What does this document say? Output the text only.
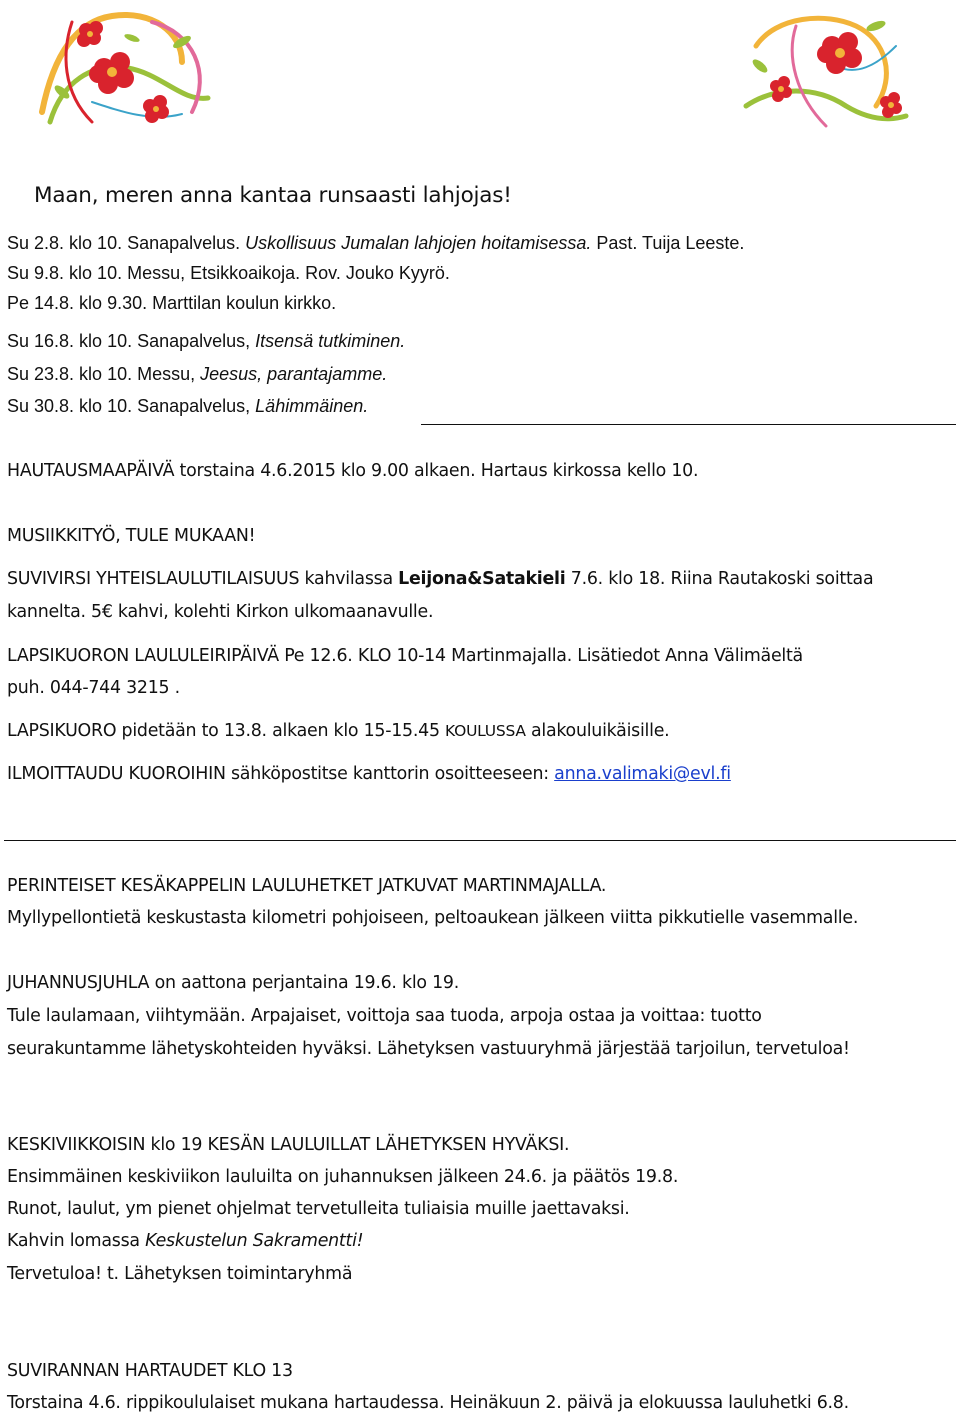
Maan, meren anna kantaa runsaasti lahjojas!
Su 2.8. klo 10. Sanapalvelus. Uskollisuus Jumalan lahjojen hoitamisessa. Past. Tuija Leeste.
Su 9.8. klo 10. Messu, Etsikkoaikoja. Rov. Jouko Kyyrö.
Pe 14.8. klo 9.30. Marttilan koulun kirkko.
Su 16.8. klo 10. Sanapalvelus, Itsensä tutkiminen.
Su 23.8. klo 10. Messu, Jeesus, parantajamme.
Su 30.8. klo 10. Sanapalvelus, Lähimmäinen.
HAUTAUSMAAPÄIVÄ torstaina 4.6.2015 klo 9.00 alkaen. Hartaus kirkossa kello 10.
MUSIIKKITYÖ, TULE MUKAAN!
SUVIVIRSI YHTEISLAULUTILAISUUS kahvilassa Leijona&Satakieli 7.6. klo 18. Riina Rautakoski soittaa
kannelta. 5€ kahvi, kolehti Kirkon ulkomaanavulle.
LAPSIKUORON LAULULEIRIPÄIVÄ Pe 12.6. KLO 10-14 Martinmajalla. Lisätiedot Anna Välimäeltä
puh. 044-744 3215 .
LAPSIKUORO pidetään to 13.8. alkaen klo 15-15.45 KOULUSSA alakouluikäisille.
ILMOITTAUDU KUOROIHIN sähköpostitse kanttorin osoitteeseen: anna.valimaki@evl.fi
PERINTEISET KESÄKAPPELIN LAULUHETKET JATKUVAT MARTINMAJALLA.
Myllypellontietä keskustasta kilometri pohjoiseen, peltoaukean jälkeen viitta pikkutielle vasemmalle.
JUHANNUSJUHLA on aattona perjantaina 19.6. klo 19.
Tule laulamaan, viihtymään. Arpajaiset, voittoja saa tuoda, arpoja ostaa ja voittaa: tuotto
seurakuntamme lähetyskohteiden hyväksi. Lähetyksen vastuuryhmä järjestää tarjoilun, tervetuloa!
KESKIVIIKKOISIN klo 19 KESÄN LAULUILLAT LÄHETYKSEN HYVÄKSI.
Ensimmäinen keskiviikon lauluilta on juhannuksen jälkeen 24.6. ja päätös 19.8.
Runot, laulut, ym pienet ohjelmat tervetulleita tuliaisia muille jaettavaksi.
Kahvin lomassa Keskustelun Sakramentti!
Tervetuloa! t. Lähetyksen toimintaryhmä
SUVIRANNAN HARTAUDET KLO 13
Torstaina 4.6. rippikoululaiset mukana hartaudessa. Heinäkuun 2. päivä ja elokuussa lauluhetki 6.8.
